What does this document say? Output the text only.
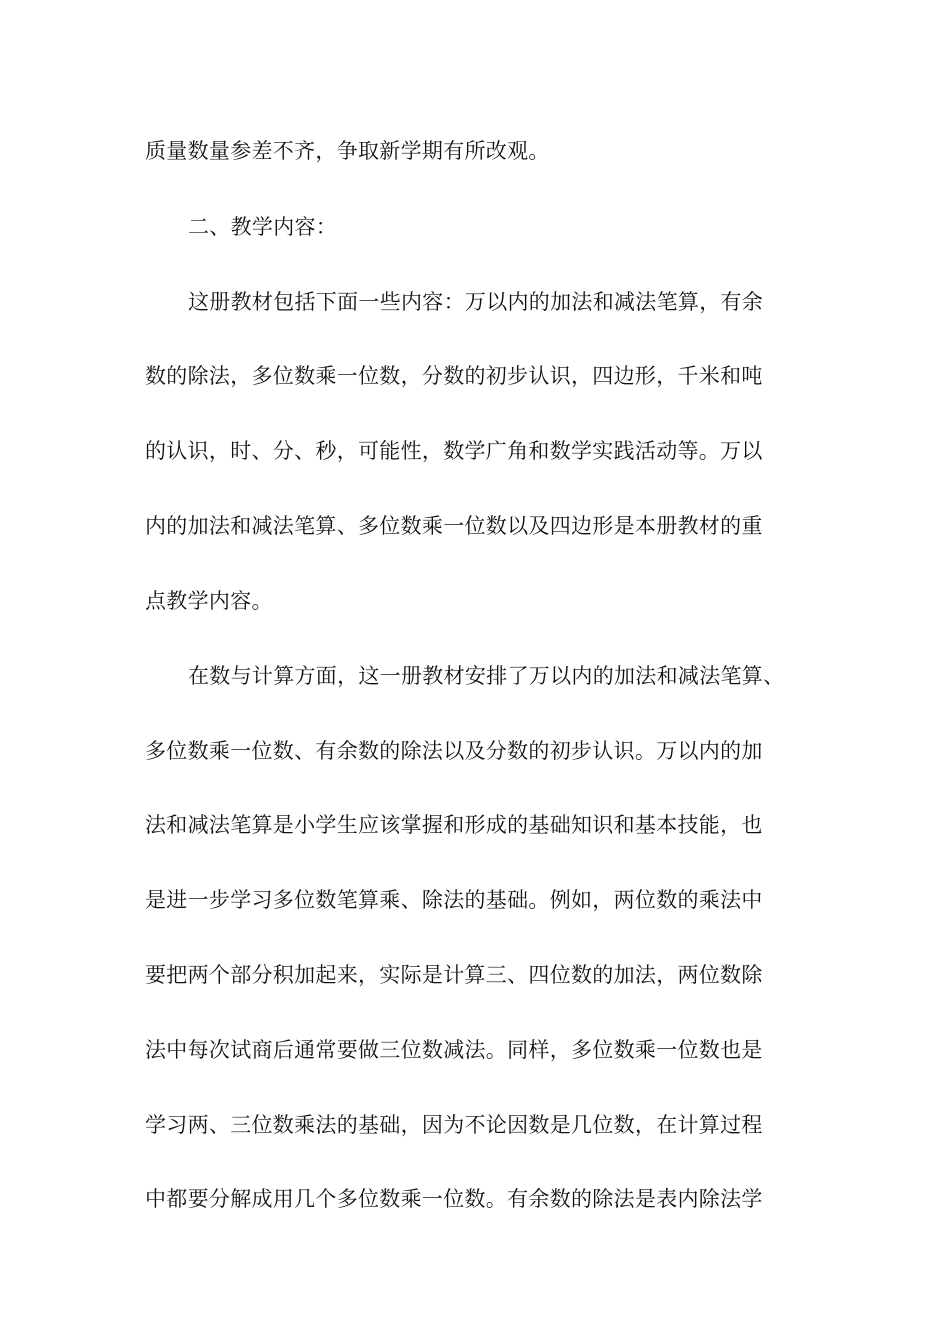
质量数量参差不齐，争取新学期有所改观。
二、教学内容：
这册教材包括下面一些内容：万以内的加法和减法笔算，有余
数的除法，多位数乘一位数，分数的初步认识，四边形，千米和吨
的认识，时、分、秒，可能性，数学广角和数学实践活动等。万以
内的加法和减法笔算、多位数乘一位数以及四边形是本册教材的重
点教学内容。
在数与计算方面，这一册教材安排了万以内的加法和减法笔算、
多位数乘一位数、有余数的除法以及分数的初步认识。万以内的加
法和减法笔算是小学生应该掌握和形成的基础知识和基本技能，也
是进一步学习多位数笔算乘、除法的基础。例如，两位数的乘法中
要把两个部分积加起来，实际是计算三、四位数的加法，两位数除
法中每次试商后通常要做三位数减法。同样，多位数乘一位数也是
学习两、三位数乘法的基础，因为不论因数是几位数，在计算过程
中都要分解成用几个多位数乘一位数。有余数的除法是表内除法学
